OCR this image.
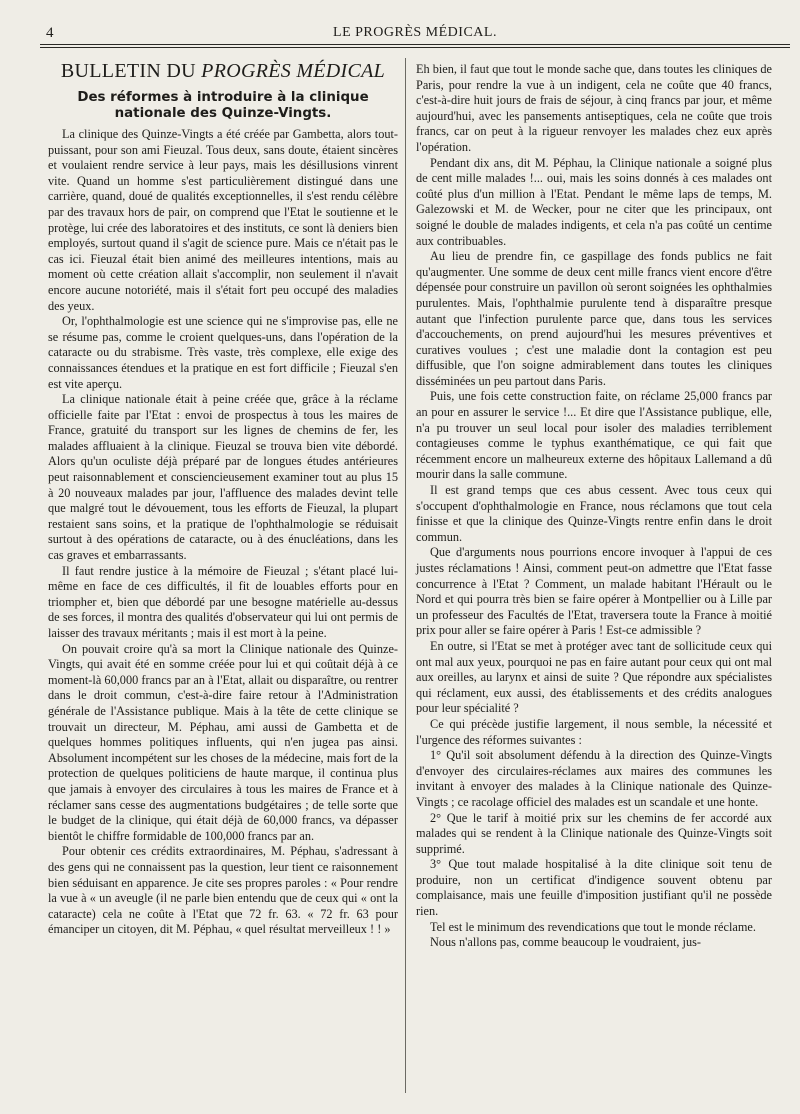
4	LE PROGRÈS MÉDICAL.
BULLETIN DU PROGRÈS MÉDICAL
Des réformes à introduire à la clinique nationale des Quinze-Vingts.

La clinique des Quinze-Vingts a été créée par Gambetta, alors tout-puissant, pour son ami Fieuzal. Tous deux, sans doute, étaient sincères et voulaient rendre service à leur pays, mais les désillusions vinrent vite. Quand un homme s'est particulièrement distingué dans une carrière, quand, doué de qualités exceptionnelles, il s'est rendu célèbre par des travaux hors de pair, on comprend que l'Etat le soutienne et le protège, lui crée des laboratoires et des instituts, ce sont là deniers bien employés, surtout quand il s'agit de science pure. Mais ce n'était pas le cas ici. Fieuzal était bien animé des meilleures intentions, mais au moment où cette création allait s'accomplir, non seulement il n'avait encore aucune notoriété, mais il s'était fort peu occupé des maladies des yeux.

Or, l'ophthalmologie est une science qui ne s'improvise pas, elle ne se résume pas, comme le croient quelques-uns, dans l'opération de la cataracte ou du strabisme. Très vaste, très complexe, elle exige des connaissances étendues et la pratique en est fort difficile ; Fieuzal s'en est vite aperçu.

La clinique nationale était à peine créée que, grâce à la réclame officielle faite par l'Etat : envoi de prospectus à tous les maires de France, gratuité du transport sur les lignes de chemins de fer, les malades affluaient à la clinique. Fieuzal se trouva bien vite débordé. Alors qu'un oculiste déjà préparé par de longues études antérieures peut raisonnablement et consciencieusement examiner tout au plus 15 à 20 nouveaux malades par jour, l'affluence des malades devint telle que malgré tout le dévouement, tous les efforts de Fieuzal, la plupart restaient sans soins, et la pratique de l'ophthalmologie se réduisait surtout à des opérations de cataracte, ou à des énucléations, dans les cas graves et embarrassants.

Il faut rendre justice à la mémoire de Fieuzal ; s'étant placé lui-même en face de ces difficultés, il fit de louables efforts pour en triompher et, bien que débordé par une besogne matérielle au-dessus de ses forces, il montra des qualités d'observateur qui lui ont permis de laisser des travaux méritants ; mais il est mort à la peine.

On pouvait croire qu'à sa mort la Clinique nationale des Quinze-Vingts, qui avait été en somme créée pour lui et qui coûtait déjà à ce moment-là 60,000 francs par an à l'Etat, allait ou disparaître, ou rentrer dans le droit commun, c'est-à-dire faire retour à l'Administration générale de l'Assistance publique. Mais à la tête de cette clinique se trouvait un directeur, M. Péphau, ami aussi de Gambetta et de quelques hommes politiques influents, qui n'en jugea pas ainsi. Absolument incompétent sur les choses de la médecine, mais fort de la protection de quelques politiciens de haute marque, il continua plus que jamais à envoyer des circulaires à tous les maires de France et à réclamer sans cesse des augmentations budgétaires ; de telle sorte que le budget de la clinique, qui était déjà de 60,000 francs, va dépasser bientôt le chiffre formidable de 100,000 francs par an.

Pour obtenir ces crédits extraordinaires, M. Péphau, s'adressant à des gens qui ne connaissent pas la question, leur tient ce raisonnement bien séduisant en apparence. Je cite ses propres paroles : « Pour rendre la vue à « un aveugle (il ne parle bien entendu que de ceux qui « ont la cataracte) cela ne coûte à l'Etat que 72 fr. 63. « 72 fr. 63 pour émanciper un citoyen, dit M. Péphau, « quel résultat merveilleux ! ! »

Eh bien, il faut que tout le monde sache que, dans toutes les cliniques de Paris, pour rendre la vue à un indigent, cela ne coûte que 40 francs, c'est-à-dire huit jours de frais de séjour, à cinq francs par jour, et même aujourd'hui, avec les pansements antiseptiques, cela ne coûte que trois francs, car on peut à la rigueur renvoyer les malades chez eux après l'opération.

Pendant dix ans, dit M. Péphau, la Clinique nationale a soigné plus de cent mille malades !... oui, mais les soins donnés à ces malades ont coûté plus d'un million à l'Etat. Pendant le même laps de temps, M. Galezowski et M. de Wecker, pour ne citer que les principaux, ont soigné le double de malades indigents, et cela n'a pas coûté un centime aux contribuables.

Au lieu de prendre fin, ce gaspillage des fonds publics ne fait qu'augmenter. Une somme de deux cent mille francs vient encore d'être dépensée pour construire un pavillon où seront soignées les ophthalmies purulentes. Mais, l'ophthalmie purulente tend à disparaître presque autant que l'infection purulente parce que, dans tous les services d'accouchements, on prend aujourd'hui les mesures préventives et curatives voulues ; c'est une maladie dont la contagion est peu diffusible, que l'on soigne admirablement dans toutes les cliniques disséminées un peu partout dans Paris.

Puis, une fois cette construction faite, on réclame 25,000 francs par an pour en assurer le service !... Et dire que l'Assistance publique, elle, n'a pu trouver un seul local pour isoler des maladies terriblement contagieuses comme le typhus exanthématique, ce qui fait que récemment encore un malheureux externe des hôpitaux Lallemand a dû mourir dans la salle commune.

Il est grand temps que ces abus cessent. Avec tous ceux qui s'occupent d'ophthalmologie en France, nous réclamons que tout cela finisse et que la clinique des Quinze-Vingts rentre enfin dans le droit commun.

Que d'arguments nous pourrions encore invoquer à l'appui de ces justes réclamations ! Ainsi, comment peut-on admettre que l'Etat fasse concurrence à l'Etat ? Comment, un malade habitant l'Hérault ou le Nord et qui pourra très bien se faire opérer à Montpellier ou à Lille par un professeur des Facultés de l'Etat, traversera toute la France à moitié prix pour aller se faire opérer à Paris ! Est-ce admissible ?

En outre, si l'Etat se met à protéger avec tant de sollicitude ceux qui ont mal aux yeux, pourquoi ne pas en faire autant pour ceux qui ont mal aux oreilles, au larynx et ainsi de suite ? Que répondre aux spécialistes qui réclament, eux aussi, des établissements et des crédits analogues pour leur spécialité ?

Ce qui précède justifie largement, il nous semble, la nécessité et l'urgence des réformes suivantes :

1° Qu'il soit absolument défendu à la direction des Quinze-Vingts d'envoyer des circulaires-réclames aux maires des communes les invitant à envoyer des malades à la Clinique nationale des Quinze-Vingts ; ce racolage officiel des malades est un scandale et une honte.

2° Que le tarif à moitié prix sur les chemins de fer accordé aux malades qui se rendent à la Clinique nationale des Quinze-Vingts soit supprimé.

3° Que tout malade hospitalisé à la dite clinique soit tenu de produire, non un certificat d'indigence souvent obtenu par complaisance, mais une feuille d'imposition justifiant qu'il ne possède rien.

Tel est le minimum des revendications que tout le monde réclame.

Nous n'allons pas, comme beaucoup le voudraient, jus-
